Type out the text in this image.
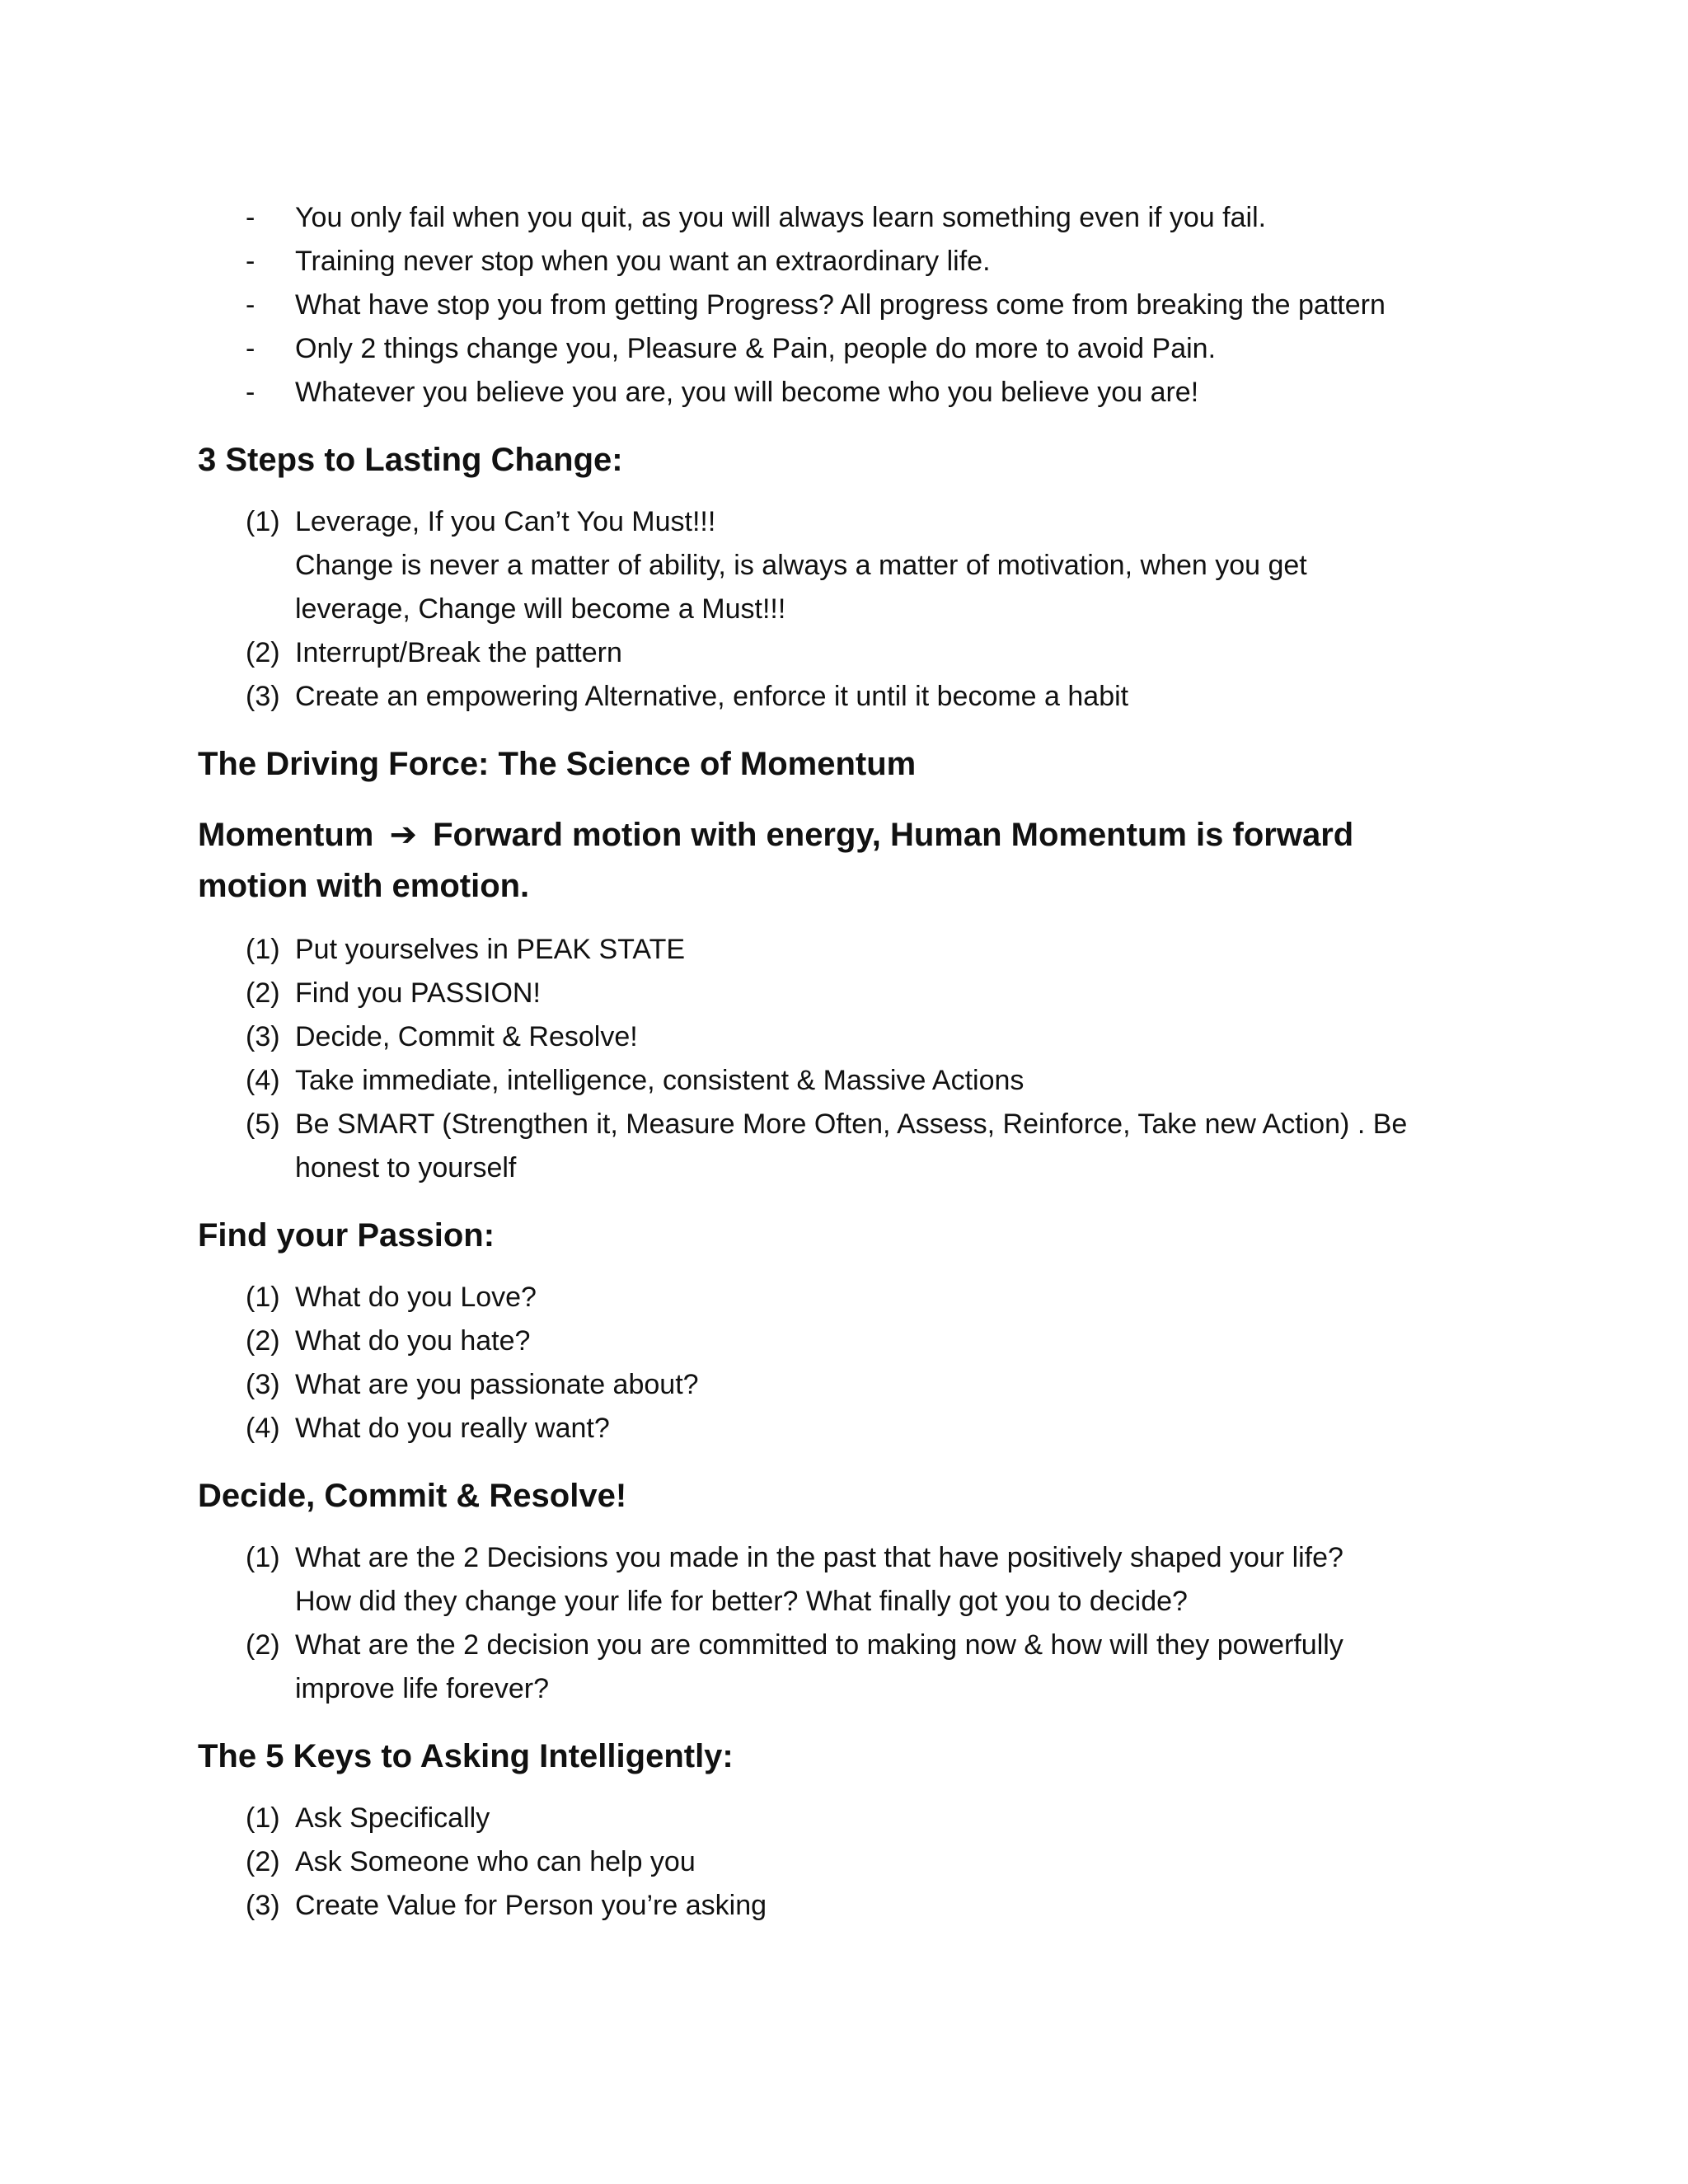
- You only fail when you quit, as you will always learn something even if you fail.
- Training never stop when you want an extraordinary life.
- What have stop you from getting Progress? All progress come from breaking the pattern
- Only 2 things change you, Pleasure & Pain, people do more to avoid Pain.
- Whatever you believe you are, you will become who you believe you are!
3 Steps to Lasting Change:
(1) Leverage, If you Can’t You Must!!!
Change is never a matter of ability, is always a matter of motivation, when you get
leverage, Change will become a Must!!!
(2) Interrupt/Break the pattern
(3) Create an empowering Alternative, enforce it until it become a habit
The Driving Force: The Science of Momentum
Momentum ➔ Forward motion with energy, Human Momentum is forward
motion with emotion.
(1) Put yourselves in PEAK STATE
(2) Find you PASSION!
(3) Decide, Commit & Resolve!
(4) Take immediate, intelligence, consistent & Massive Actions
(5) Be SMART (Strengthen it, Measure More Often, Assess, Reinforce, Take new Action) . Be
honest to yourself
Find your Passion:
(1) What do you Love?
(2) What do you hate?
(3) What are you passionate about?
(4) What do you really want?
Decide, Commit & Resolve!
(1) What are the 2 Decisions you made in the past that have positively shaped your life?
How did they change your life for better? What finally got you to decide?
(2) What are the 2 decision you are committed to making now & how will they powerfully
improve life forever?
The 5 Keys to Asking Intelligently:
(1) Ask Specifically
(2) Ask Someone who can help you
(3) Create Value for Person you’re asking
